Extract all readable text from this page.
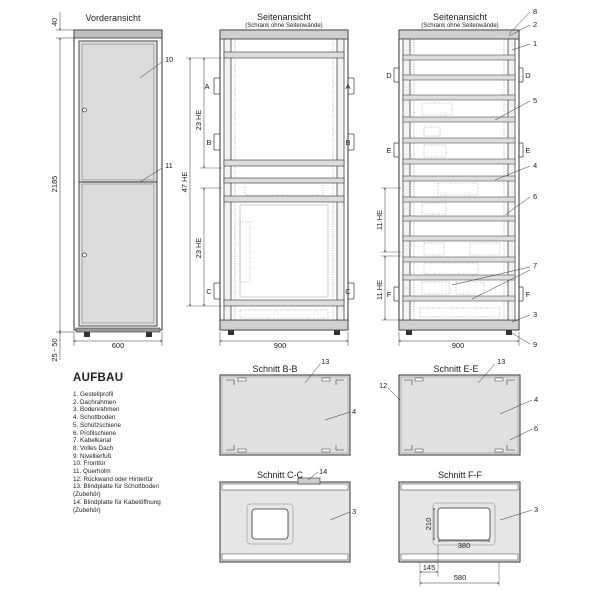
Vorderansicht
40
2185
25 - 50	600
10
11
Seitenansicht
(Schrank ohne Seitenwände)
A	A
B	B
C	C
47 HE
23 HE
23 HE
900
Seitenansicht
(Schrank ohne Seitenwände)
D	D
E	E
F	F
11 HE
11 HE
900
8
2
1
5
4
6
7
3
9
Schnitt B-B
13
4
Schnitt E-E
13
12
4
6
Schnitt C-C 14
3
Schnitt F-F
210
380
145
580
3
AUFBAU
1. Gestellprofil
2. Dachrahmen
3. Bodenrahmen
4. Schottboden
5. Schützschiene
6. Profilschiene
7. Kabelkanal
8. Volles Dach
9. Nivellierfuß
10. Fronttür
11. Querholm
12. Rückwand oder Hintertür
13. Blindplatte für Schottboden
(Zubehör)
14. Blindplatte für Kabelöffnung
(Zubehör)
